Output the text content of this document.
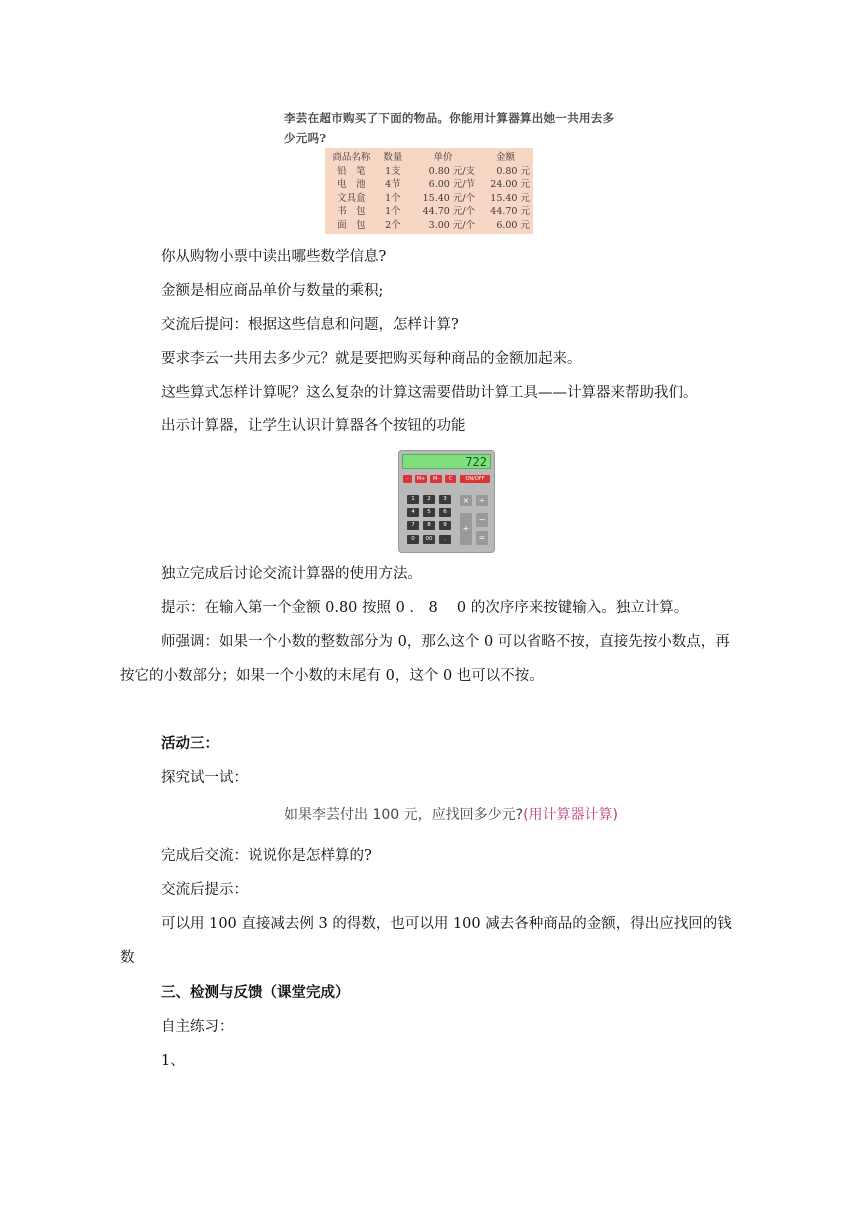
李芸在超市购买了下面的物品。你能用计算器算出她一共用去多少元吗?
商品名称	数量	单价	金额
铅　笔	1支	0.80 元/支	0.80 元
电　池	4节	6.00 元/节	24.00 元
文具盒	1个	15.40 元/个	15.40 元
书　包	1个	44.70 元/个	44.70 元
面　包	2个	3.00 元/个	6.00 元
你从购物小票中读出哪些数学信息?
金额是相应商品单价与数量的乘积;
交流后提问：根据这些信息和问题，怎样计算?
要求李云一共用去多少元？就是要把购买每种商品的金额加起来。
这些算式怎样计算呢？这么复杂的计算这需要借助计算工具——计算器来帮助我们。
出示计算器，让学生认识计算器各个按钮的功能
722
-	M+	M-	C	ON/OFF
1	2	3
4	5	6
7	8	9
0	00	.
×	÷
+
−
=
独立完成后讨论交流计算器的使用方法。
提示：在输入第一个金额 0.80 按照 0 ． 8　 0 的次序序来按键输入。独立计算。
师强调：如果一个小数的整数部分为 0，那么这个 0 可以省略不按，直接先按小数点，再按它的小数部分；如果一个小数的末尾有 0，这个 0 也可以不按。
活动三：
探究试一试：
如果李芸付出 100 元，应找回多少元?(用计算器计算)
完成后交流：说说你是怎样算的?
交流后提示：
可以用 100 直接减去例 3 的得数，也可以用 100 减去各种商品的金额，得出应找回的钱数
三、检测与反馈（课堂完成）
自主练习：
1、
